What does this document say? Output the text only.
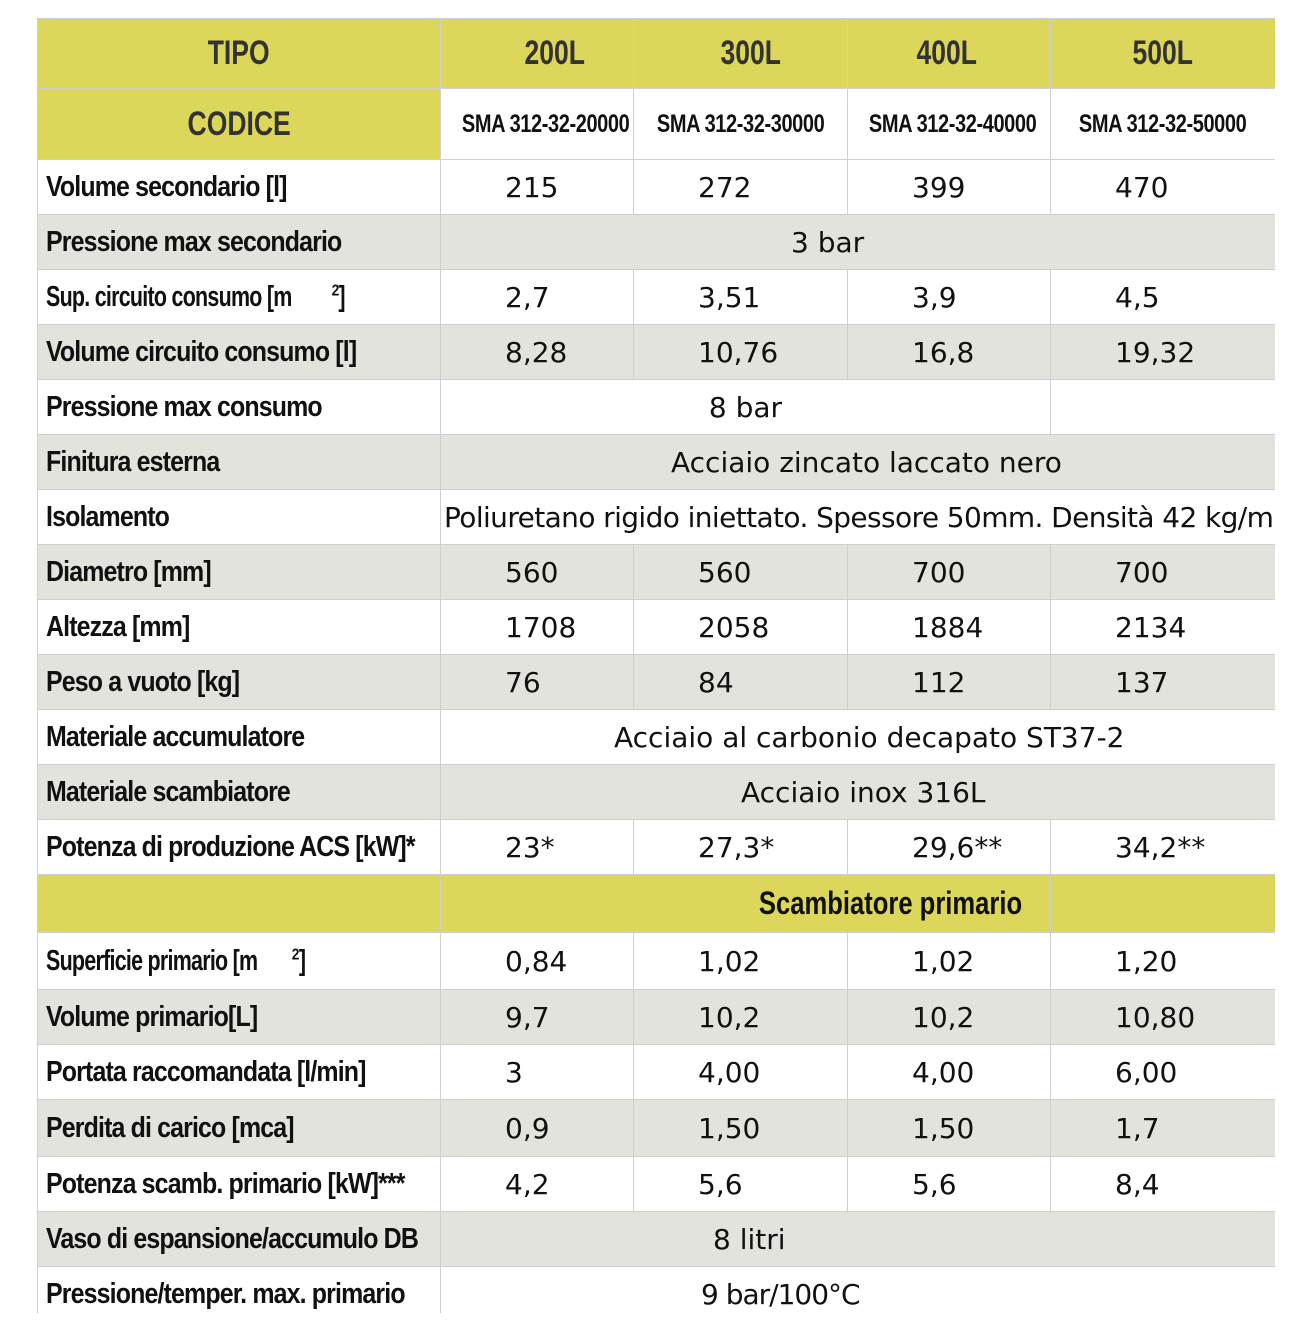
TIPO	200L	300L	400L	500L
CODICE	SMA 312-32-20000	SMA 312-32-30000	SMA 312-32-40000	SMA 312-32-50000
Volume secondario [l]	215	272	399	470
Pressione max secondario	3 bar			
Sup. circuito consumo [m $^2$]	2,7	3,51	3,9	4,5
Volume circuito consumo [l]	8,28	10,76	16,8	19,32
Pressione max consumo	8 bar			
Finitura esterna	Acciaio zincato laccato nero			
Isolamento	Poliuretano rigido iniettato. Spessore 50mm. Densità 42 kg/m			
Diametro [mm]	560	560	700	700
Altezza [mm]	1708	2058	1884	2134
Peso a vuoto [kg]	76	84	112	137
Materiale accumulatore	Acciaio al carbonio decapato ST37-2			
Materiale scambiatore	Acciaio inox 316L			
Potenza di produzione ACS [kW]*	23*	27,3*	29,6**	34,2**
	Scambiatore primario			
Superficie primario [m $^2$]	0,84	1,02	1,02	1,20
Volume primario[L]	9,7	10,2	10,2	10,80
Portata raccomandata [l/min]	3	4,00	4,00	6,00
Perdita di carico [mca]	0,9	1,50	1,50	1,7
Potenza scamb. primario [kW]***	4,2	5,6	5,6	8,4
Vaso di espansione/accumulo DB	8 litri			
Pressione/temper. max. primario	9 bar/100°C			
